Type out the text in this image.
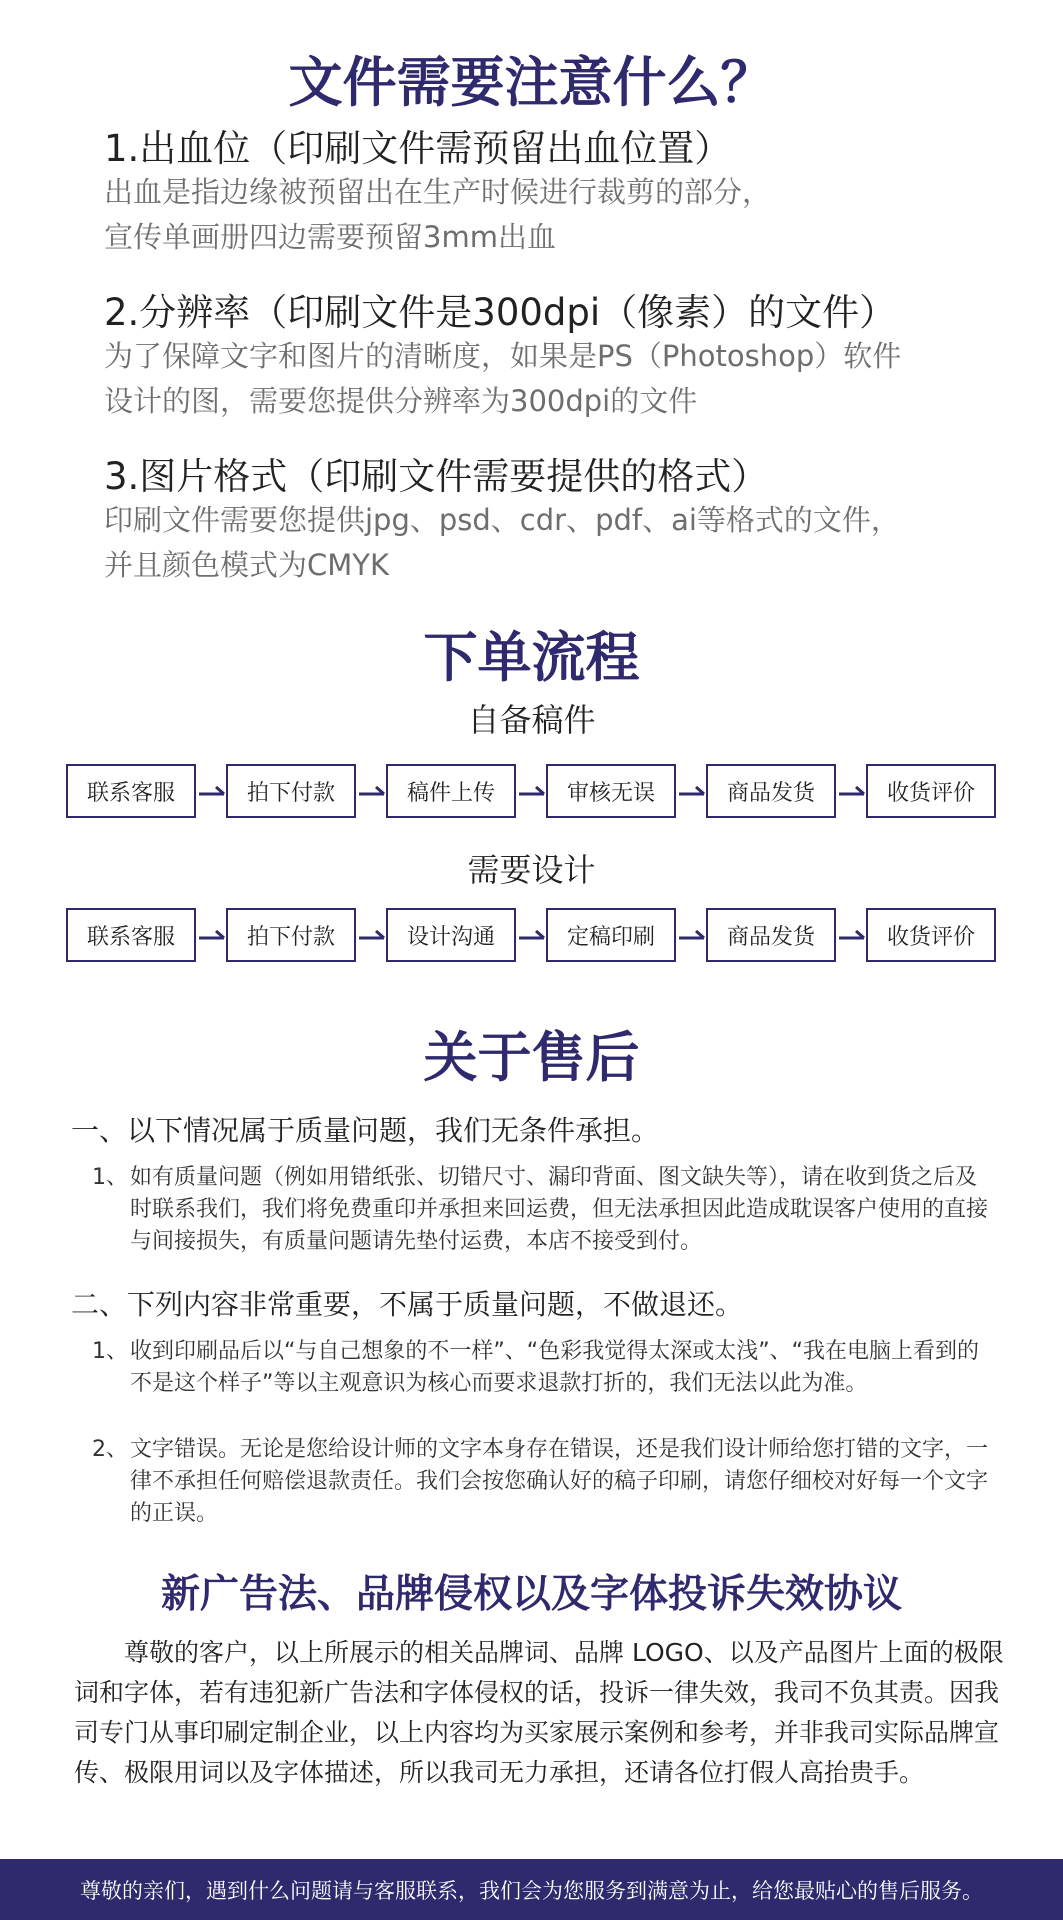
文件需要注意什么？
1.出血位（印刷文件需预留出血位置）
出血是指边缘被预留出在生产时候进行裁剪的部分，
宣传单画册四边需要预留3mm出血
2.分辨率（印刷文件是300dpi（像素）的文件）
为了保障文字和图片的清晰度，如果是PS（Photoshop）软件
设计的图，需要您提供分辨率为300dpi的文件
3.图片格式（印刷文件需要提供的格式）
印刷文件需要您提供jpg、psd、cdr、pdf、ai等格式的文件，
并且颜色模式为CMYK
下单流程
自备稿件
联系客服	拍下付款	稿件上传	审核无误	商品发货	收货评价
需要设计
联系客服	拍下付款	设计沟通	定稿印刷	商品发货	收货评价
关于售后
一、以下情况属于质量问题，我们无条件承担。
1、 如有质量问题（例如用错纸张、切错尺寸、漏印背面、图文缺失等），请在收到货之后及时联系我们，我们将免费重印并承担来回运费，但无法承担因此造成耽误客户使用的直接与间接损失，有质量问题请先垫付运费，本店不接受到付。
二、下列内容非常重要，不属于质量问题，不做退还。
1、 收到印刷品后以“与自己想象的不一样”、“色彩我觉得太深或太浅”、“我在电脑上看到的不是这个样子”等以主观意识为核心而要求退款打折的，我们无法以此为准。
2、 文字错误。无论是您给设计师的文字本身存在错误，还是我们设计师给您打错的文字，一律不承担任何赔偿退款责任。我们会按您确认好的稿子印刷，请您仔细校对好每一个文字的正误。
新广告法、品牌侵权以及字体投诉失效协议
尊敬的客户，以上所展示的相关品牌词、品牌 LOGO、以及产品图片上面的极限词和字体，若有违犯新广告法和字体侵权的话，投诉一律失效，我司不负其责。因我司专门从事印刷定制企业，以上内容均为买家展示案例和参考，并非我司实际品牌宣传、极限用词以及字体描述，所以我司无力承担，还请各位打假人高抬贵手。
尊敬的亲们，遇到什么问题请与客服联系，我们会为您服务到满意为止，给您最贴心的售后服务。
